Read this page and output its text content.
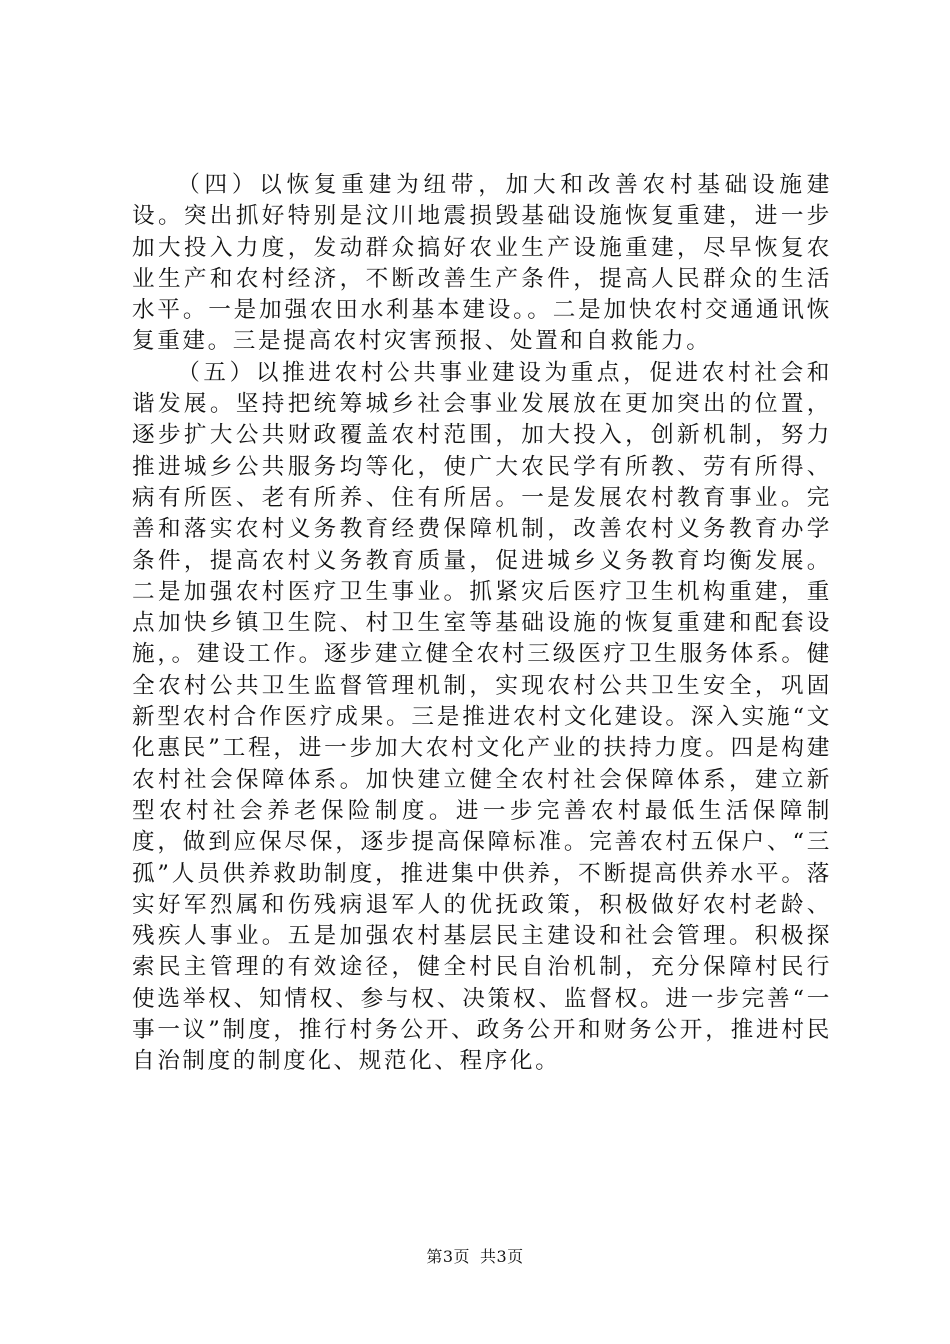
（四）以恢复重建为纽带，加大和改善农村基础设施建设。突出抓好特别是汶川地震损毁基础设施恢复重建，进一步加大投入力度，发动群众搞好农业生产设施重建，尽早恢复农业生产和农村经济，不断改善生产条件，提高人民群众的生活水平。一是加强农田水利基本建设。。二是加快农村交通通讯恢复重建。三是提高农村灾害预报、处置和自救能力。

（五）以推进农村公共事业建设为重点，促进农村社会和谐发展。坚持把统筹城乡社会事业发展放在更加突出的位置，逐步扩大公共财政覆盖农村范围，加大投入，创新机制，努力推进城乡公共服务均等化，使广大农民学有所教、劳有所得、病有所医、老有所养、住有所居。一是发展农村教育事业。完善和落实农村义务教育经费保障机制，改善农村义务教育办学条件，提高农村义务教育质量，促进城乡义务教育均衡发展。二是加强农村医疗卫生事业。抓紧灾后医疗卫生机构重建，重点加快乡镇卫生院、村卫生室等基础设施的恢复重建和配套设施，。建设工作。逐步建立健全农村三级医疗卫生服务体系。健全农村公共卫生监督管理机制，实现农村公共卫生安全，巩固新型农村合作医疗成果。三是推进农村文化建设。深入实施“文化惠民”工程，进一步加大农村文化产业的扶持力度。四是构建农村社会保障体系。加快建立健全农村社会保障体系，建立新型农村社会养老保险制度。进一步完善农村最低生活保障制度，做到应保尽保，逐步提高保障标准。完善农村五保户、“三孤”人员供养救助制度，推进集中供养，不断提高供养水平。落实好军烈属和伤残病退军人的优抚政策，积极做好农村老龄、残疾人事业。五是加强农村基层民主建设和社会管理。积极探索民主管理的有效途径，健全村民自治机制，充分保障村民行使选举权、知情权、参与权、决策权、监督权。进一步完善“一事一议”制度，推行村务公开、政务公开和财务公开，推进村民自治制度的制度化、规范化、程序化。

第3页 共3页
